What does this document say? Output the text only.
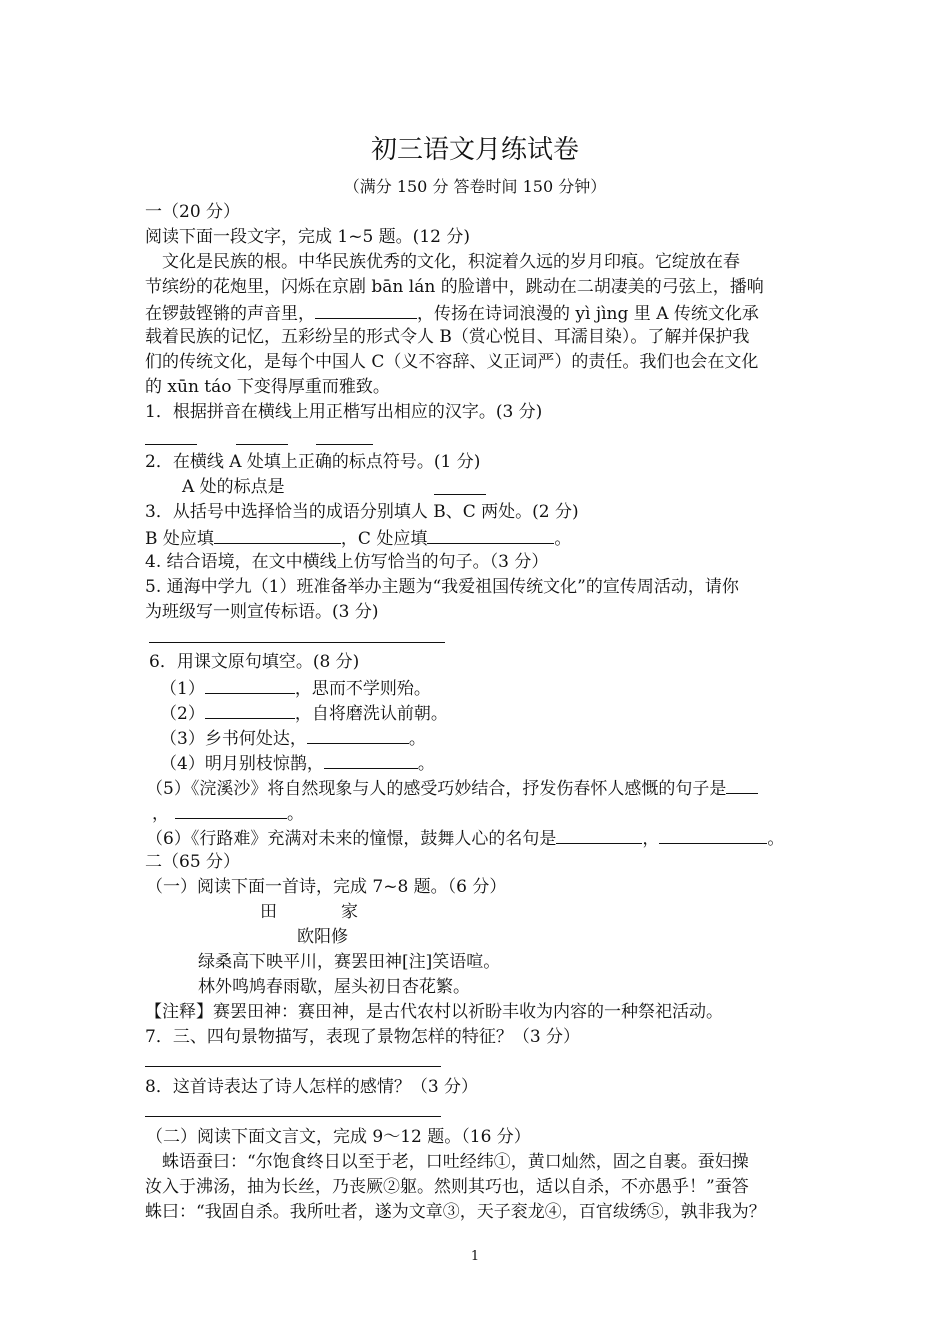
初三语文月练试卷
（满分 150 分 答卷时间 150 分钟）
一（20 分）
阅读下面一段文字，完成 1~5 题。(12 分)
文化是民族的根。中华民族优秀的文化，积淀着久远的岁月印痕。它绽放在春
节缤纷的花炮里，闪烁在京剧 bān lán 的脸谱中，跳动在二胡凄美的弓弦上，播响
在锣鼓铿锵的声音里，	，传扬在诗词浪漫的 yì jìng 里 A 传统文化承
载着民族的记忆，五彩纷呈的形式令人 B（赏心悦目、耳濡目染）。了解并保护我
们的传统文化，是每个中国人 C（义不容辞、义正词严）的责任。我们也会在文化
的 xūn táo 下变得厚重而雅致。
1．根据拼音在横线上用正楷写出相应的汉字。(3 分)
2．在横线 A 处填上正确的标点符号。(1 分)
A 处的标点是
3．从括号中选择恰当的成语分别填人 B、C 两处。(2 分)
B 处应填	，C 处应填	。
4. 结合语境，在文中横线上仿写恰当的句子。（3 分）
5. 通海中学九（1）班准备举办主题为“我爱祖国传统文化”的宣传周活动，请你
为班级写一则宣传标语。(3 分)
6．用课文原句填空。(8 分)
（1）	，思而不学则殆。
（2）	，自将磨洗认前朝。
（3）乡书何处达，	。
（4）明月别枝惊鹊，	。
（5）《浣溪沙》将自然现象与人的感受巧妙结合，抒发伤春怀人感慨的句子是
，	。
（6）《行路难》充满对未来的憧憬，鼓舞人心的名句是	，	。
二（65 分）
（一）阅读下面一首诗，完成 7~8 题。（6 分）
田	家
欧阳修
绿桑高下映平川，赛罢田神[注]笑语喧。
林外鸣鸠春雨歇，屋头初日杏花繁。
【注释】赛罢田神：赛田神，是古代农村以祈盼丰收为内容的一种祭祀活动。
7．三、四句景物描写，表现了景物怎样的特征？（3 分）
8．这首诗表达了诗人怎样的感情？（3 分）
（二）阅读下面文言文，完成 9～12 题。（16 分）
蛛语蚕曰：“尔饱食终日以至于老，口吐经纬①，黄口灿然，固之自裹。蚕妇操
汝入于沸汤，抽为长丝，乃丧厥②躯。然则其巧也，适以自杀，不亦愚乎！”蚕答
蛛曰：“我固自杀。我所吐者，遂为文章③，天子衮龙④，百官绂绣⑤，孰非我为？
1
